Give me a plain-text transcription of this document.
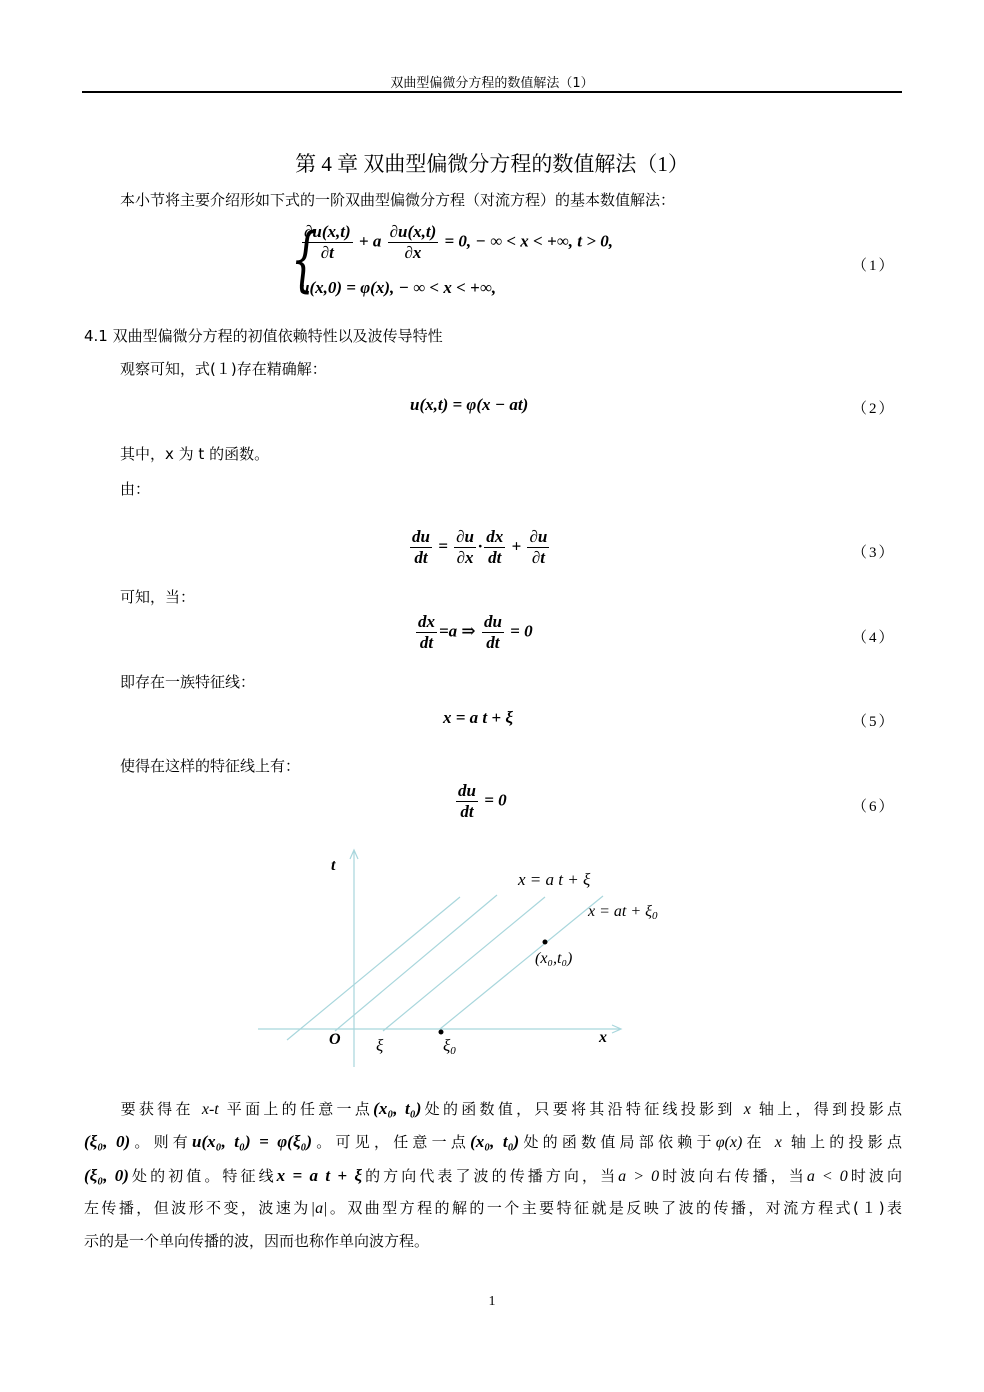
双曲型偏微分方程的数值解法（1）
第 4 章 双曲型偏微分方程的数值解法（1）
本小节将主要介绍形如下式的一阶双曲型偏微分方程（对流方程）的基本数值解法：
{
$\frac{\partial u(x,t)}{\partial t} + a \frac{\partial u(x,t)}{\partial x} = 0$, − ∞ < x < +∞, t > 0,
u(x,0) = φ(x), − ∞ < x < +∞,
（1）
4.1 双曲型偏微分方程的初值依赖特性以及波传导特性
观察可知，式(１)存在精确解：
u(x,t) = φ(x − at)	（2）
其中，x 为 t 的函数。
由：
$\frac{du}{dt} = \frac{\partial u}{\partial x} \cdot \frac{dx}{dt} + \frac{\partial u}{\partial t}$	（3）
可知，当：
$\frac{dx}{dt} =a$ ⇒ $\frac{du}{dt} = 0$	（4）
即存在一族特征线：
x = a t + ξ	（5）
使得在这样的特征线上有：
$\frac{du}{dt} = 0$	（6）
t
x
O ξ	ξ0
x = a t + ξ
x = at + ξ0
(x₀,t₀)
　　要获得在 x-t 平面上的任意一点(x₀, t₀)处的函数值，只要将其沿特征线投影到 x 轴上，得到投影点
(ξ₀, 0)。则有u(x₀, t₀) = φ(ξ₀)。可见，任意一点(x₀, t₀)处的函数值局部依赖于φ(x)在 x 轴上的投影点
(ξ₀, 0)处的初值。特征线x = a t + ξ的方向代表了波的传播方向，当a > 0时波向右传播，当a < 0时波向
左传播，但波形不变，波速为|a|。双曲型方程的解的一个主要特征就是反映了波的传播，对流方程式(１)表
示的是一个单向传播的波，因而也称作单向波方程。
1
